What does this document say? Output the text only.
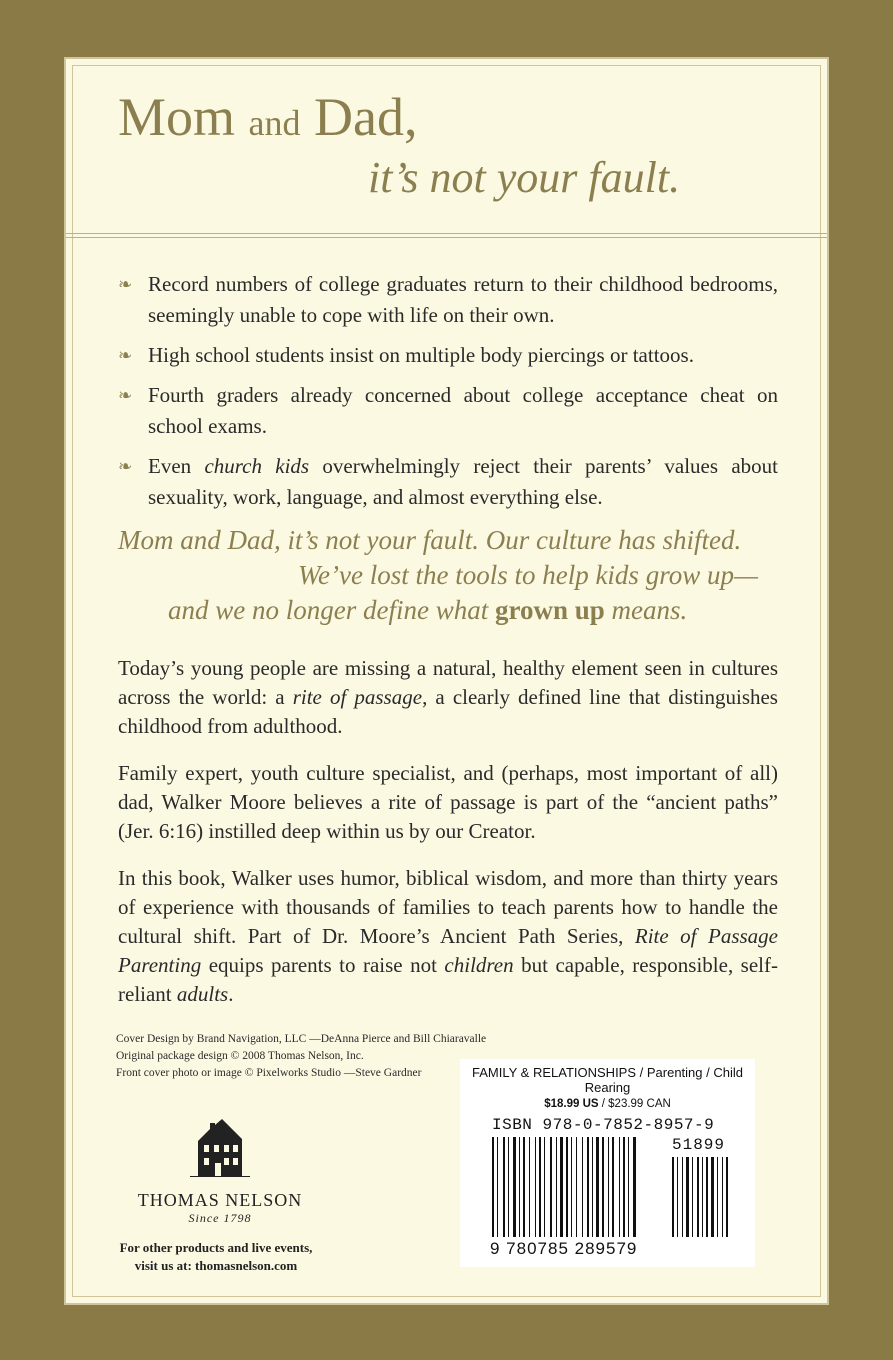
Mom and Dad,
it’s not your fault.
❧ Record numbers of college graduates return to their childhood bedrooms, seemingly unable to cope with life on their own.
❧ High school students insist on multiple body piercings or tattoos.
❧ Fourth graders already concerned about college acceptance cheat on school exams.
❧ Even church kids overwhelmingly reject their parents’ values about sexuality, work, language, and almost everything else.
Mom and Dad, it’s not your fault. Our culture has shifted.
We’ve lost the tools to help kids grow up—
and we no longer define what grown up means.

Today’s young people are missing a natural, healthy element seen in cultures across the world: a rite of passage, a clearly defined line that distinguishes childhood from adulthood.

Family expert, youth culture specialist, and (perhaps, most important of all) dad, Walker Moore believes a rite of passage is part of the “ancient paths” (Jer. 6:16) instilled deep within us by our Creator.

In this book, Walker uses humor, biblical wisdom, and more than thirty years of experience with thousands of families to teach parents how to handle the cultural shift. Part of Dr. Moore’s Ancient Path Series, Rite of Passage Parenting equips parents to raise not children but capable, responsible, self-reliant adults.

Cover Design by Brand Navigation, LLC —DeAnna Pierce and Bill Chiaravalle
Original package design © 2008 Thomas Nelson, Inc.
Front cover photo or image © Pixelworks Studio —Steve Gardner
THOMAS NELSON
Since 1798
For other products and live events,
visit us at: thomasnelson.com
FAMILY & RELATIONSHIPS / Parenting / Child Rearing
$18.99 US / $23.99 CAN
ISBN 978-0-7852-8957-9
51899
9 780785 289579
